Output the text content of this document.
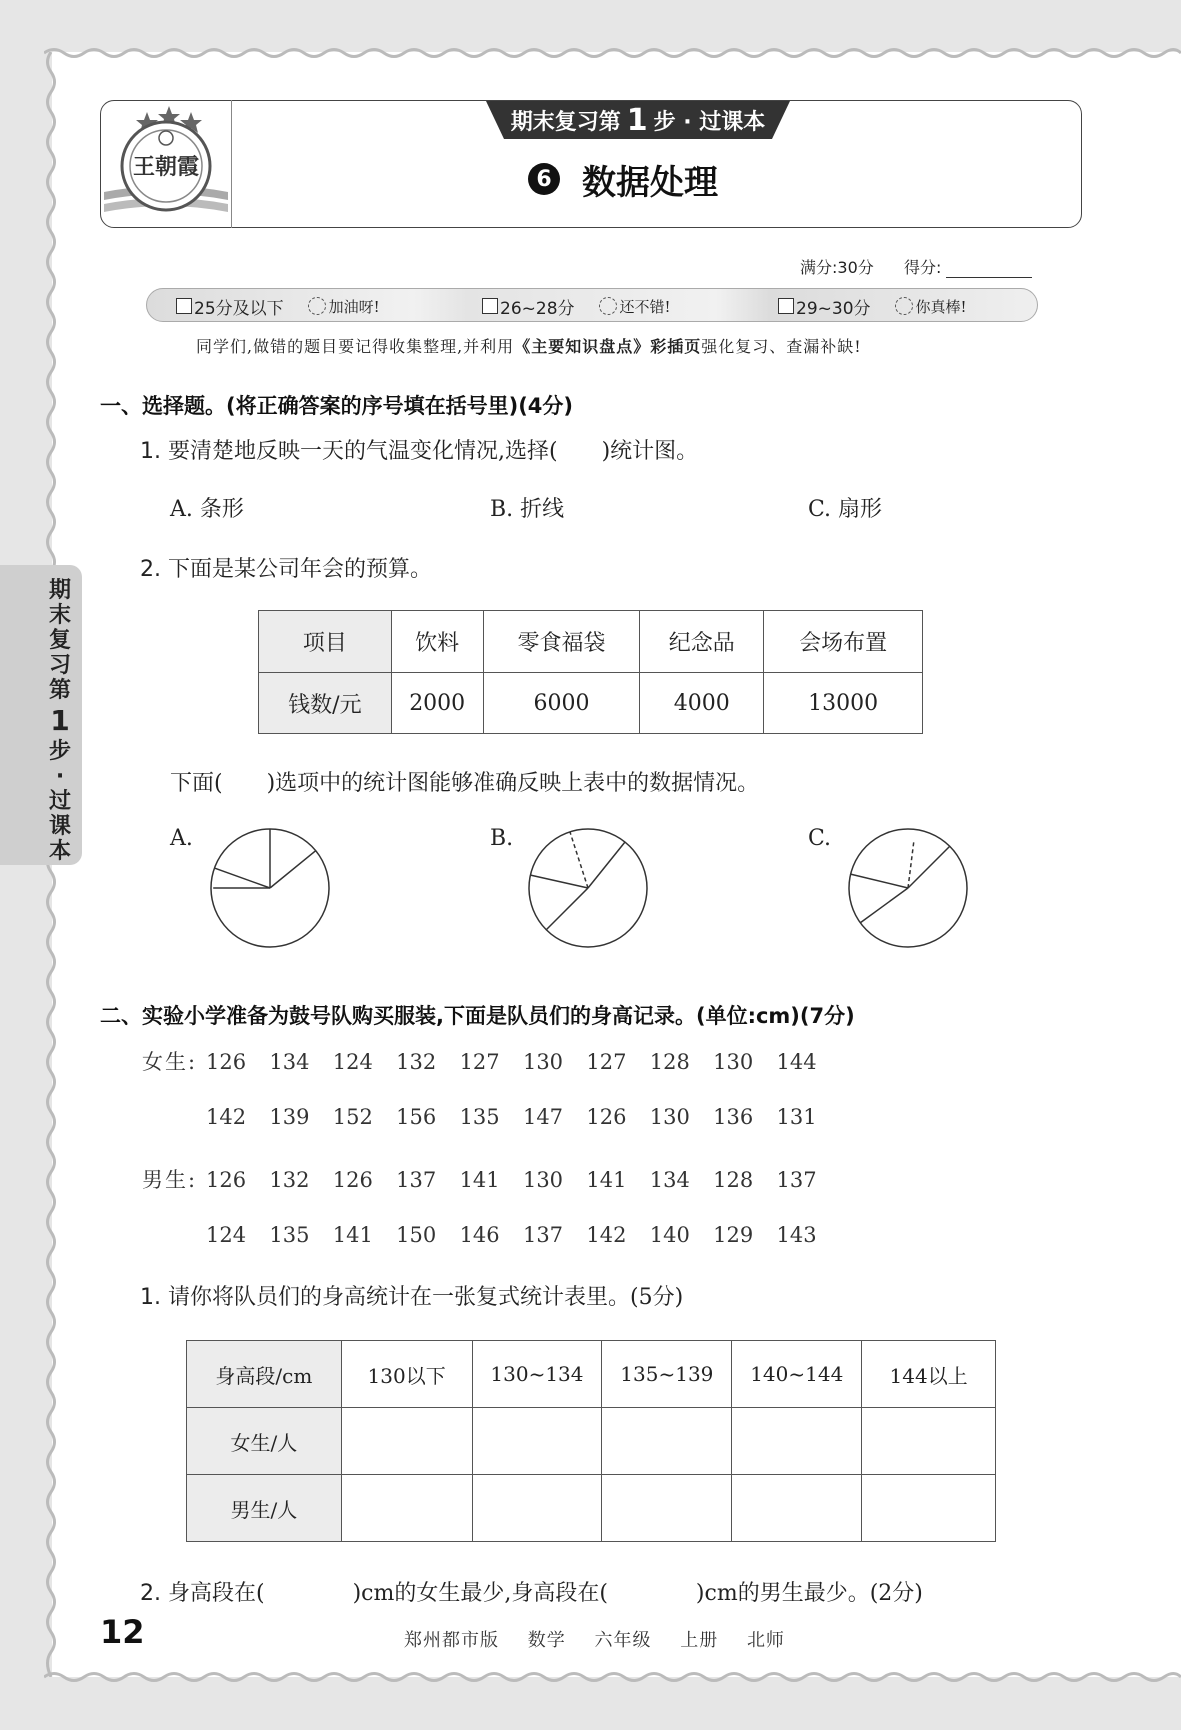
王朝霞
期末复习第 1 步 · 过课本
6 数据处理
满分:30分 得分:
25分及以下	加油呀!	26~28分	还不错!	29~30分	你真棒!
同学们,做错的题目要记得收集整理,并利用《主要知识盘点》彩插页强化复习、查漏补缺!
一、选择题。(将正确答案的序号填在括号里)(4分)
1. 要清楚地反映一天的气温变化情况,选择(　　)统计图。
A. 条形	B. 折线	C. 扇形
2. 下面是某公司年会的预算。
项目	饮料	零食福袋	纪念品	会场布置
钱数/元	2000	6000	4000	13000
下面(　　)选项中的统计图能够准确反映上表中的数据情况。
A.	B.	C.
二、实验小学准备为鼓号队购买服装,下面是队员们的身高记录。(单位:cm)(7分)
女生: 126 134 124 132 127 130 127 128 130 144
142 139 152 156 135 147 126 130 136 131
男生: 126 132 126 137 141 130 141 134 128 137
124 135 141 150 146 137 142 140 129 143
1. 请你将队员们的身高统计在一张复式统计表里。(5分)
身高段/cm	130以下	130~134	135~139	140~144	144以上
女生/人					
男生/人					
2. 身高段在(　　　　)cm的女生最少,身高段在(　　　　)cm的男生最少。(2分)
期
末
复
习
第
1
步
·
过
课
本
12	郑州都市版 数学 六年级 上册 北师
